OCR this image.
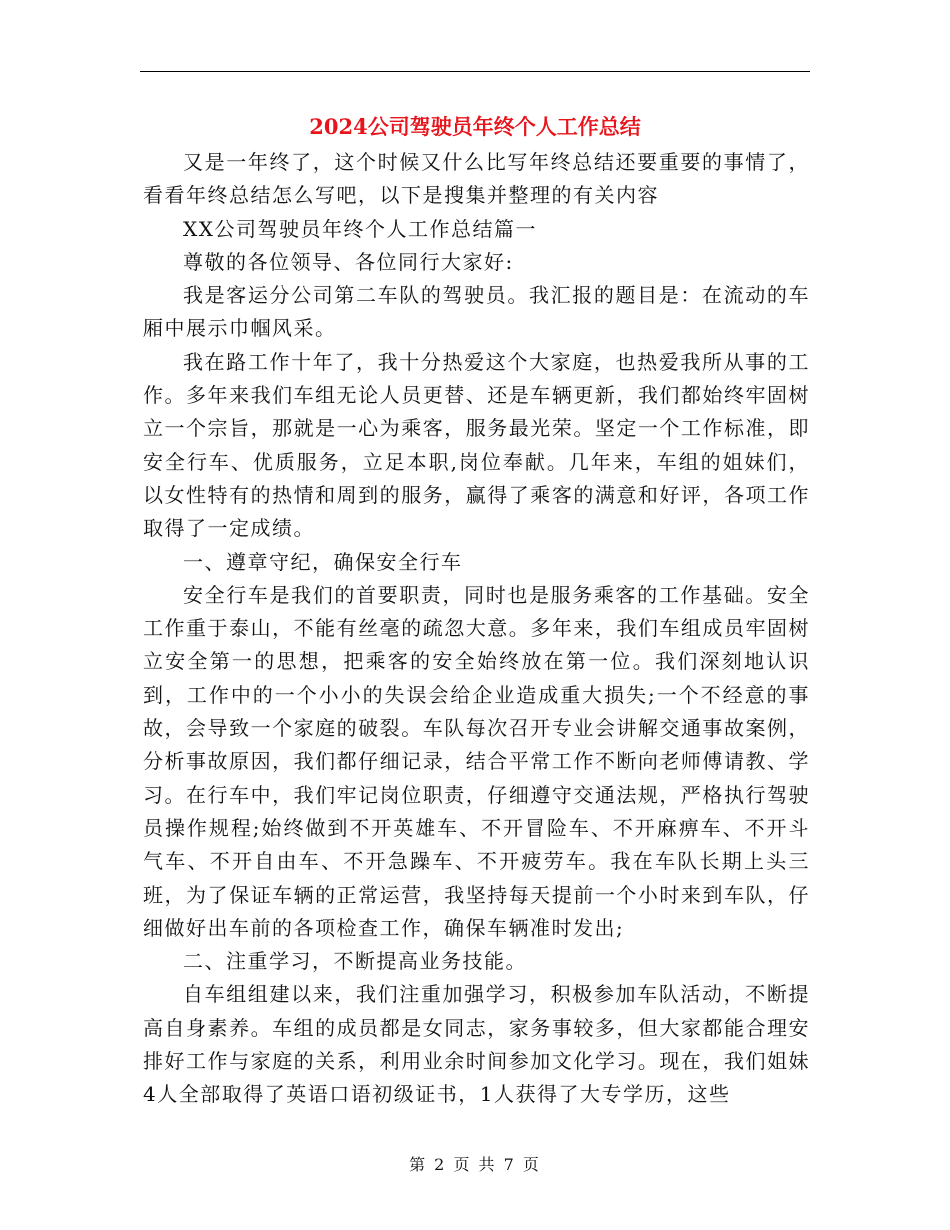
2024公司驾驶员年终个人工作总结

又是一年终了，这个时候又什么比写年终总结还要重要的事情了，看看年终总结怎么写吧，以下是搜集并整理的有关内容

XX公司驾驶员年终个人工作总结篇一

尊敬的各位领导、各位同行大家好:

我是客运分公司第二车队的驾驶员。我汇报的题目是：在流动的车厢中展示巾帼风采。

我在路工作十年了，我十分热爱这个大家庭，也热爱我所从事的工作。多年来我们车组无论人员更替、还是车辆更新，我们都始终牢固树立一个宗旨，那就是一心为乘客，服务最光荣。坚定一个工作标准，即安全行车、优质服务，立足本职,岗位奉献。几年来，车组的姐妹们，以女性特有的热情和周到的服务，赢得了乘客的满意和好评，各项工作取得了一定成绩。

一、遵章守纪，确保安全行车

安全行车是我们的首要职责，同时也是服务乘客的工作基础。安全工作重于泰山，不能有丝毫的疏忽大意。多年来，我们车组成员牢固树立安全第一的思想，把乘客的安全始终放在第一位。我们深刻地认识到，工作中的一个小小的失误会给企业造成重大损失;一个不经意的事故，会导致一个家庭的破裂。车队每次召开专业会讲解交通事故案例，分析事故原因，我们都仔细记录，结合平常工作不断向老师傅请教、学习。在行车中，我们牢记岗位职责，仔细遵守交通法规，严格执行驾驶员操作规程;始终做到不开英雄车、不开冒险车、不开麻痹车、不开斗气车、不开自由车、不开急躁车、不开疲劳车。我在车队长期上头三班，为了保证车辆的正常运营，我坚持每天提前一个小时来到车队，仔细做好出车前的各项检查工作，确保车辆准时发出;

二、注重学习，不断提高业务技能。

自车组组建以来，我们注重加强学习，积极参加车队活动，不断提高自身素养。车组的成员都是女同志，家务事较多，但大家都能合理安排好工作与家庭的关系，利用业余时间参加文化学习。现在，我们姐妹4人全部取得了英语口语初级证书，1人获得了大专学历，这些

第 2 页 共 7 页
